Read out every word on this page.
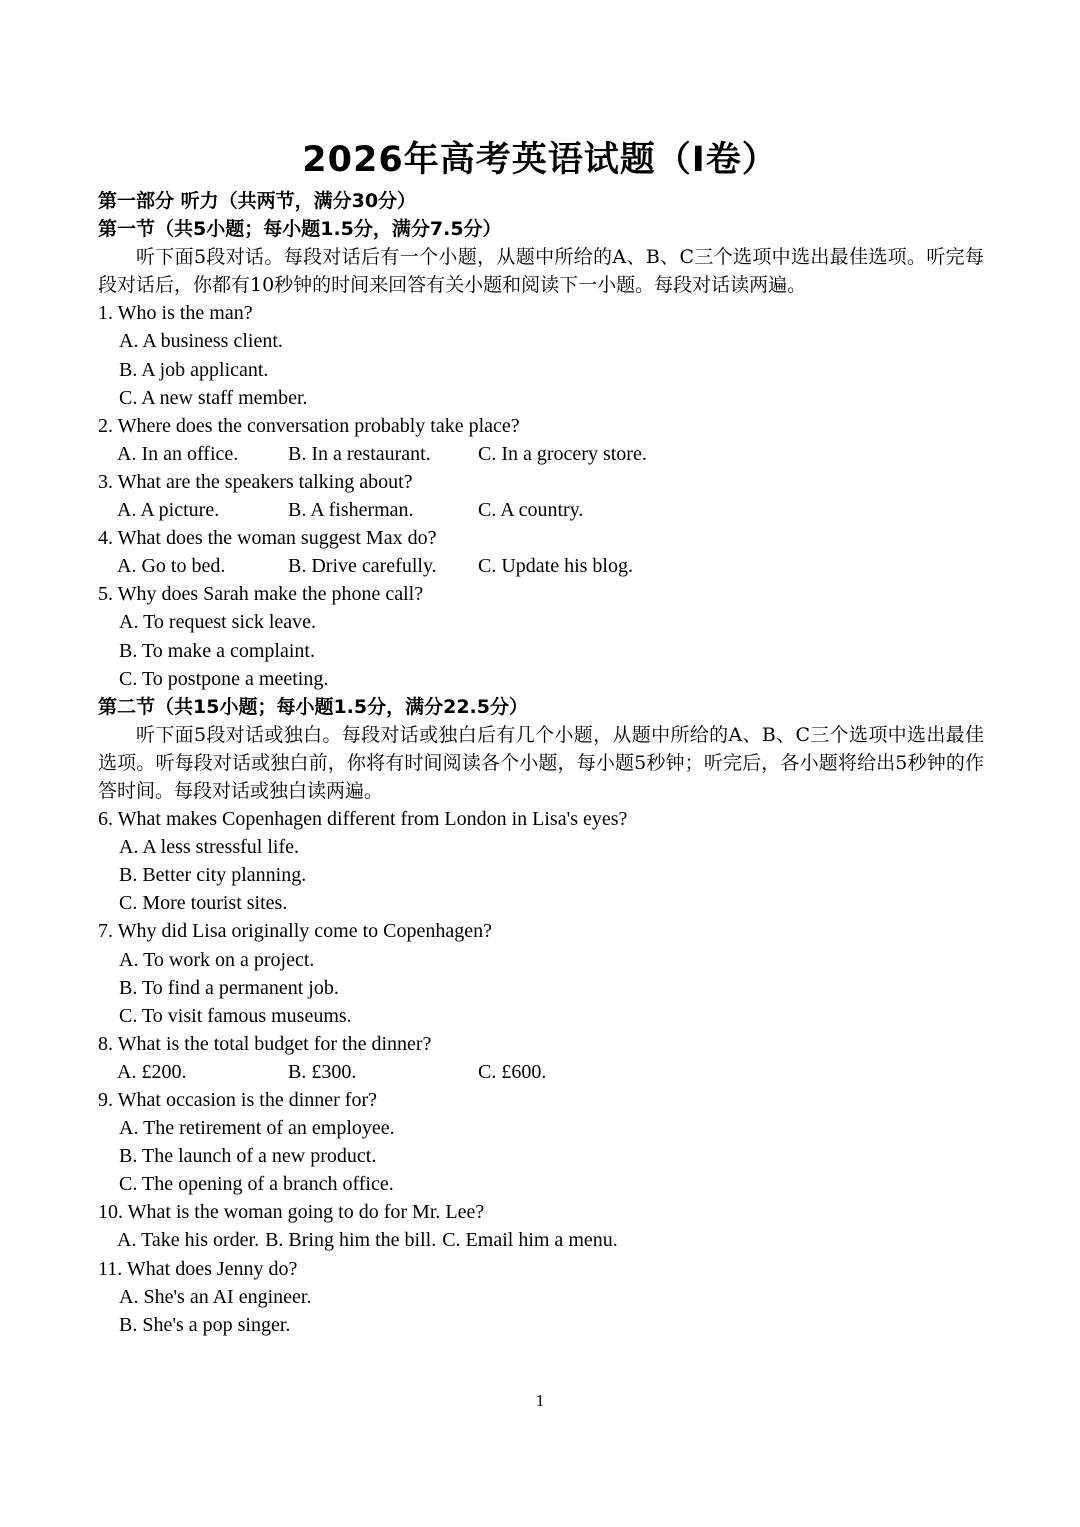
2026年高考英语试题（I卷）
第一部分 听力（共两节，满分30分）
第一节（共5小题；每小题1.5分，满分7.5分）
听下面5段对话。每段对话后有一个小题，从题中所给的A、B、C三个选项中选出最佳选项。听完每段对话后，你都有10秒钟的时间来回答有关小题和阅读下一小题。每段对话读两遍。
1. Who is the man?
A. A business client.
B. A job applicant.
C. A new staff member.
2. Where does the conversation probably take place?
A. In an office.	B. In a restaurant.	C. In a grocery store.
3. What are the speakers talking about?
A. A picture.	B. A fisherman.	C. A country.
4. What does the woman suggest Max do?
A. Go to bed.	B. Drive carefully.	C. Update his blog.
5. Why does Sarah make the phone call?
A. To request sick leave.
B. To make a complaint.
C. To postpone a meeting.
第二节（共15小题；每小题1.5分，满分22.5分）
听下面5段对话或独白。每段对话或独白后有几个小题，从题中所给的A、B、C三个选项中选出最佳选项。听每段对话或独白前，你将有时间阅读各个小题，每小题5秒钟；听完后，各小题将给出5秒钟的作答时间。每段对话或独白读两遍。
6. What makes Copenhagen different from London in Lisa's eyes?
A. A less stressful life.
B. Better city planning.
C. More tourist sites.
7. Why did Lisa originally come to Copenhagen?
A. To work on a project.
B. To find a permanent job.
C. To visit famous museums.
8. What is the total budget for the dinner?
A. £200.	B. £300.	C. £600.
9. What occasion is the dinner for?
A. The retirement of an employee.
B. The launch of a new product.
C. The opening of a branch office.
10. What is the woman going to do for Mr. Lee?
A. Take his order. B. Bring him the bill. C. Email him a menu.
11. What does Jenny do?
A. She's an AI engineer.
B. She's a pop singer.
1
